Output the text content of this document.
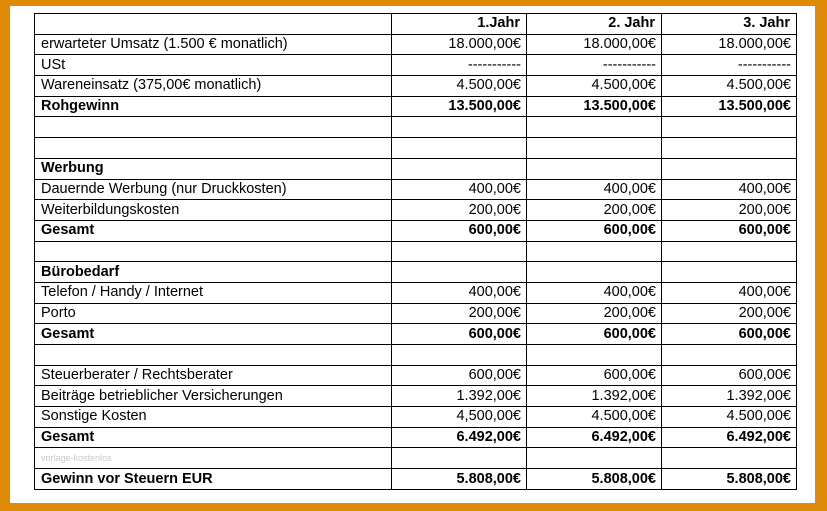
	1.Jahr	2. Jahr	3. Jahr
erwarteter Umsatz (1.500 € monatlich)	18.000,00€	18.000,00€	18.000,00€
USt	-----------	-----------	-----------
Wareneinsatz (375,00€ monatlich)	4.500,00€	4.500,00€	4.500,00€
Rohgewinn	13.500,00€	13.500,00€	13.500,00€

Werbung			
Dauernde Werbung (nur Druckkosten)	400,00€	400,00€	400,00€
Weiterbildungskosten	200,00€	200,00€	200,00€
Gesamt	600,00€	600,00€	600,00€

Bürobedarf			
Telefon / Handy / Internet	400,00€	400,00€	400,00€
Porto	200,00€	200,00€	200,00€
Gesamt	600,00€	600,00€	600,00€

Steuerberater / Rechtsberater	600,00€	600,00€	600,00€
Beiträge betrieblicher Versicherungen	1.392,00€	1.392,00€	1.392,00€
Sonstige Kosten	4,500,00€	4.500,00€	4.500,00€
Gesamt	6.492,00€	6.492,00€	6.492,00€
vorlage-kostenlos			
Gewinn vor Steuern EUR	5.808,00€	5.808,00€	5.808,00€
